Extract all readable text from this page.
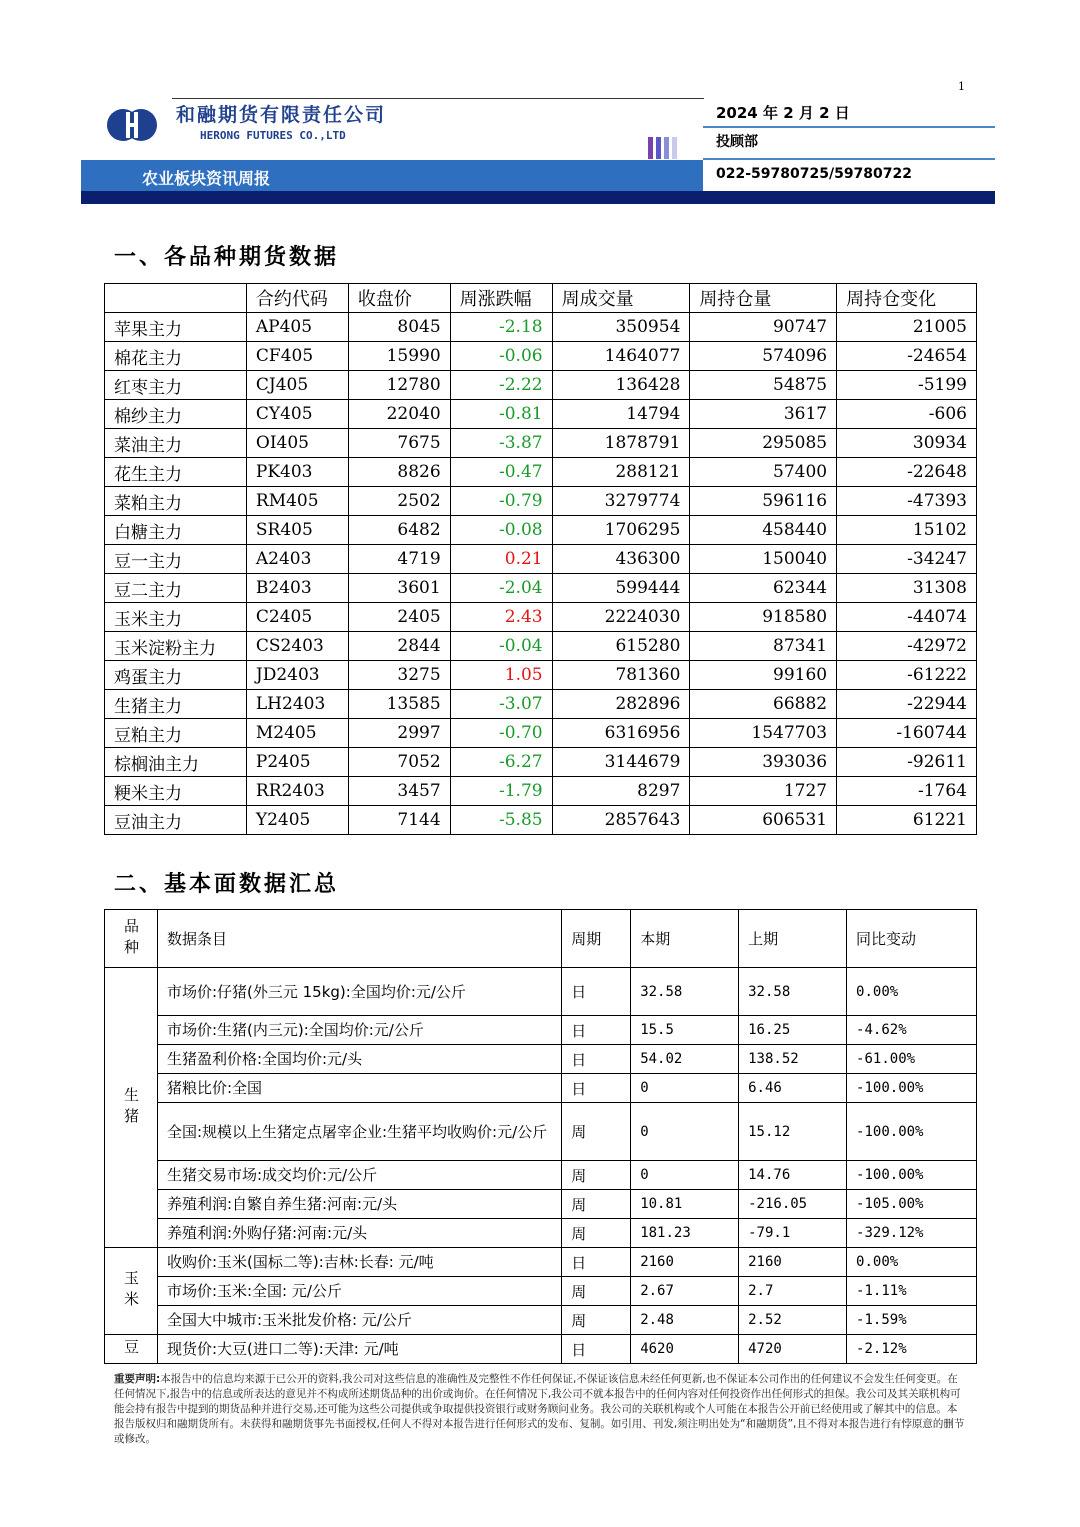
1
和融期货有限责任公司
HERONG FUTURES CO.,LTD
2024 年 2 月 2 日
投顾部
农业板块资讯周报	022-59780725/59780722
一、各品种期货数据
	合约代码	收盘价	周涨跌幅	周成交量	周持仓量	周持仓变化
苹果主力	AP405	8045	-2.18	350954	90747	21005
棉花主力	CF405	15990	-0.06	1464077	574096	-24654
红枣主力	CJ405	12780	-2.22	136428	54875	-5199
棉纱主力	CY405	22040	-0.81	14794	3617	-606
菜油主力	OI405	7675	-3.87	1878791	295085	30934
花生主力	PK403	8826	-0.47	288121	57400	-22648
菜粕主力	RM405	2502	-0.79	3279774	596116	-47393
白糖主力	SR405	6482	-0.08	1706295	458440	15102
豆一主力	A2403	4719	0.21	436300	150040	-34247
豆二主力	B2403	3601	-2.04	599444	62344	31308
玉米主力	C2405	2405	2.43	2224030	918580	-44074
玉米淀粉主力	CS2403	2844	-0.04	615280	87341	-42972
鸡蛋主力	JD2403	3275	1.05	781360	99160	-61222
生猪主力	LH2403	13585	-3.07	282896	66882	-22944
豆粕主力	M2405	2997	-0.70	6316956	1547703	-160744
棕榈油主力	P2405	7052	-6.27	3144679	393036	-92611
粳米主力	RR2403	3457	-1.79	8297	1727	-1764
豆油主力	Y2405	7144	-5.85	2857643	606531	61221
二、基本面数据汇总
品种	数据条目	周期	本期	上期	同比变动
生猪	市场价:仔猪(外三元 15kg):全国均价:元/公斤	日	32.58	32.58	0.00%
	市场价:生猪(内三元):全国均价:元/公斤	日	15.5	16.25	-4.62%
	生猪盈利价格:全国均价:元/头	日	54.02	138.52	-61.00%
	猪粮比价:全国	日	0	6.46	-100.00%
	全国:规模以上生猪定点屠宰企业:生猪平均收购价:元/公斤	周	0	15.12	-100.00%
	生猪交易市场:成交均价:元/公斤	周	0	14.76	-100.00%
	养殖利润:自繁自养生猪:河南:元/头	周	10.81	-216.05	-105.00%
	养殖利润:外购仔猪:河南:元/头	周	181.23	-79.1	-329.12%
玉米	收购价:玉米(国标二等):吉林:长春: 元/吨	日	2160	2160	0.00%
	市场价:玉米:全国: 元/公斤	周	2.67	2.7	-1.11%
	全国大中城市:玉米批发价格: 元/公斤	周	2.48	2.52	-1.59%
豆	现货价:大豆(进口二等):天津: 元/吨	日	4620	4720	-2.12%
重要声明:本报告中的信息均来源于已公开的资料,我公司对这些信息的准确性及完整性不作任何保证,不保证该信息未经任何更新,也不保证本公司作出的任何建议不会发生任何变更。在任何情况下,报告中的信息或所表达的意见并不构成所述期货品种的出价或询价。在任何情况下,我公司不就本报告中的任何内容对任何投资作出任何形式的担保。我公司及其关联机构可能会持有报告中提到的期货品种并进行交易,还可能为这些公司提供或争取提供投资银行或财务顾问业务。我公司的关联机构或个人可能在本报告公开前已经使用或了解其中的信息。本报告版权归和融期货所有。未获得和融期货事先书面授权,任何人不得对本报告进行任何形式的发布、复制。如引用、刊发,须注明出处为“和融期货”,且不得对本报告进行有悖原意的删节或修改。
